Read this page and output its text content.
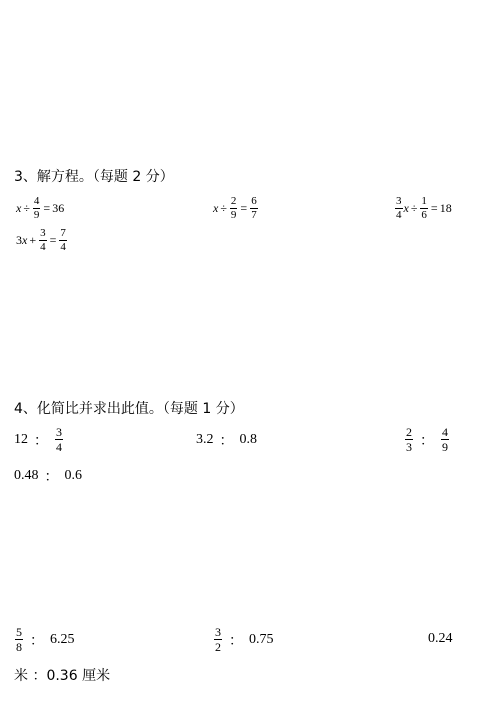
3、解方程。（每题 2 分）
$x \div \frac{4}{9} = 36$	$x \div \frac{2}{9} = \frac{6}{7}$	$\frac{3}{4}$ $x \div \frac{1}{6} = 18$
3 $x + \frac{3}{4} = \frac{7}{4}$
4、化简比并求出此值。（每题 1 分）
12 ： $\frac{3}{4}$	3.2 ： 0.8	$\frac{2}{3}$ ： $\frac{4}{9}$
0.48 ： 0.6
$\frac{5}{8}$ ： 6.25	$\frac{3}{2}$ ： 0.75	0.24
米 ：0.36 厘米
